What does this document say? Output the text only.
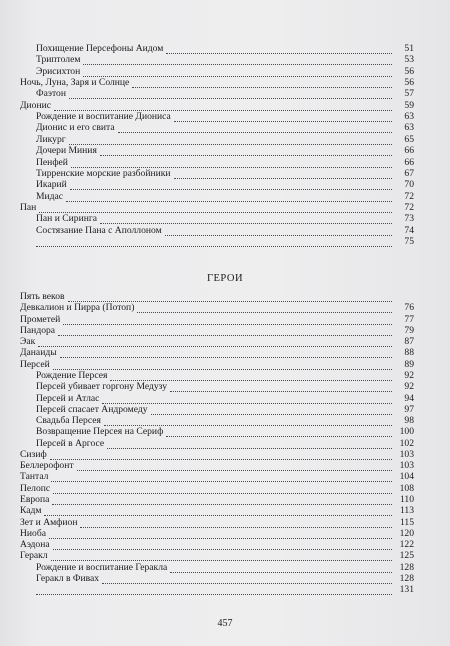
Похищение Персефоны Аидом	51
Триптолем	53
Эрисихтон	56
Ночь, Луна, Заря и Солнце	56
Фаэтон	57
Дионис	59
Рождение и воспитание Диониса	63
Дионис и его свита	63
Ликург	65
Дочери Миния	66
Пенфей	66
Тирренские морские разбойники	67
Икарий	70
Мидас	72
Пан	72
Пан и Сиринга	73
Состязание Пана с Аполлоном	74
75
ГЕРОИ
Пять веков
Девкалион и Пирра (Потоп)	76
Прометей	77
Пандора	79
Эак	87
Данаиды	88
Персей	89
Рождение Персея	92
Персей убивает горгону Медузу	92
Персей и Атлас	94
Персей спасает Андромеду	97
Свадьба Персея	98
Возвращение Персея на Сериф	100
Персей в Аргосе	102
Сизиф	103
Беллерофонт	103
Тантал	104
Пелопс	108
Европа	110
Кадм	113
Зет и Амфион	115
Ниоба	120
Аэдона	122
Геракл	125
Рождение и воспитание Геракла	128
Геракл в Фивах	128
131
457
